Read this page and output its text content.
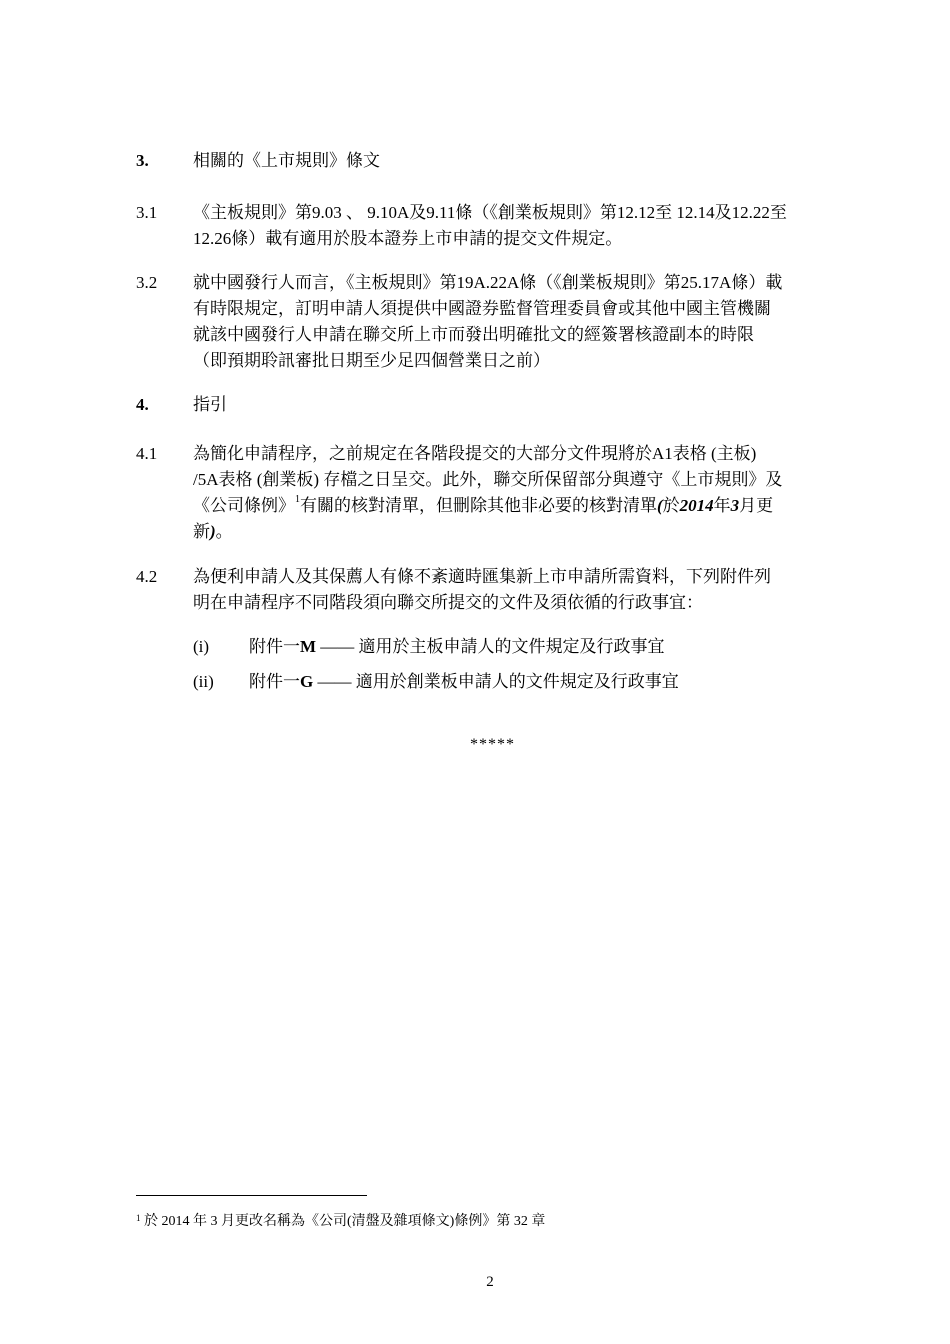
3.	相關的《上市規則》條文
3.1	《主板規則》第9.03 、 9.10A及9.11條（《創業板規則》第12.12至 12.14及12.22至
12.26條）載有適用於股本證券上市申請的提交文件規定。
3.2	就中國發行人而言，《主板規則》第19A.22A條（《創業板規則》第25.17A條）載
有時限規定，訂明申請人須提供中國證券監督管理委員會或其他中國主管機關
就該中國發行人申請在聯交所上市而發出明確批文的經簽署核證副本的時限
（即預期聆訊審批日期至少足四個營業日之前）
4.	指引
4.1	為簡化申請程序，之前規定在各階段提交的大部分文件現將於A1表格 (主板)
/5A表格 (創業板) 存檔之日呈交。此外，聯交所保留部分與遵守《上市規則》及
《公司條例》$^1$有關的核對清單，但刪除其他非必要的核對清單(於2014年3月更
新)。
4.2	為便利申請人及其保薦人有條不紊適時匯集新上市申請所需資料，下列附件列
明在申請程序不同階段須向聯交所提交的文件及須依循的行政事宜：
(i) 附件一M —— 適用於主板申請人的文件規定及行政事宜
(ii) 附件一G —— 適用於創業板申請人的文件規定及行政事宜
*****
$^1$ 於 2014 年 3 月更改名稱為《公司(清盤及雜項條文)條例》第 32 章
2
